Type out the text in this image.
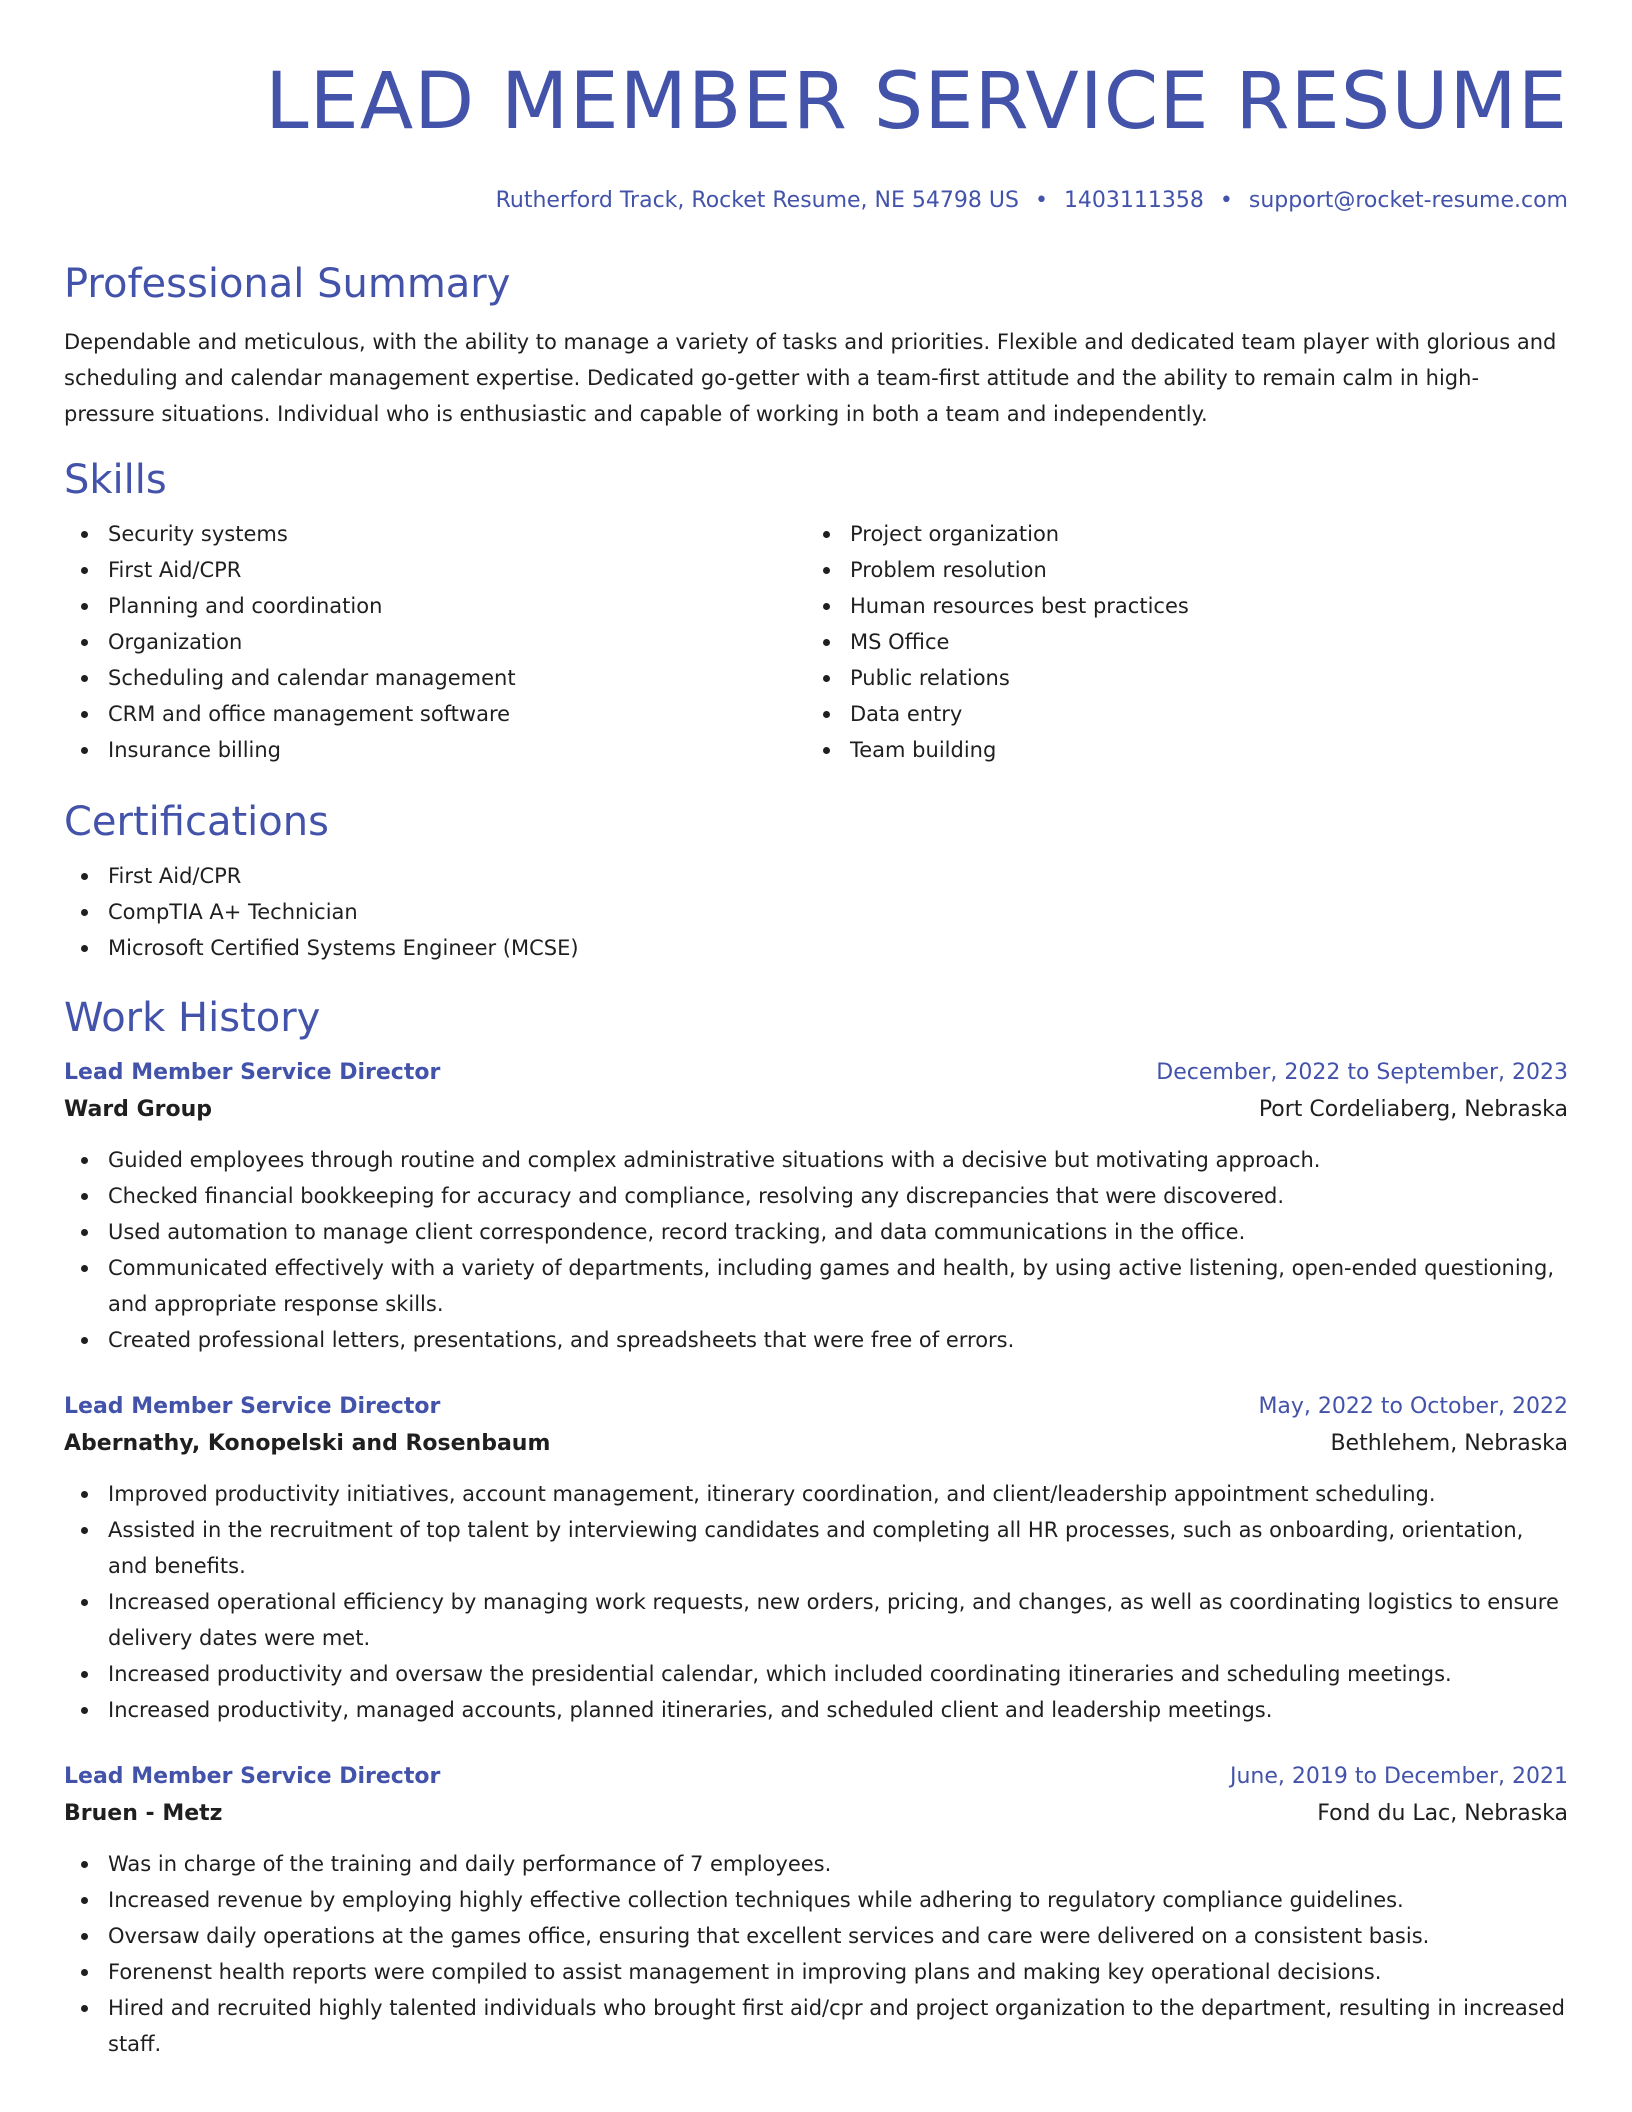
LEAD MEMBER SERVICE RESUME
Rutherford Track, Rocket Resume, NE 54798 US • 1403111358 • support@rocket-resume.com
Professional Summary

Dependable and meticulous, with the ability to manage a variety of tasks and priorities. Flexible and dedicated team player with glorious and scheduling and calendar management expertise. Dedicated go-getter with a team-first attitude and the ability to remain calm in high-pressure situations. Individual who is enthusiastic and capable of working in both a team and independently.

Skills
Security systems
First Aid/CPR
Planning and coordination
Organization
Scheduling and calendar management
CRM and office management software
Insurance billing
Project organization
Problem resolution
Human resources best practices
MS Office
Public relations
Data entry
Team building
Certifications
First Aid/CPR
CompTIA A+ Technician
Microsoft Certified Systems Engineer (MCSE)
Work History
Lead Member Service Director	December, 2022 to September, 2023
Ward Group	Port Cordeliaberg, Nebraska
Guided employees through routine and complex administrative situations with a decisive but motivating approach.
Checked financial bookkeeping for accuracy and compliance, resolving any discrepancies that were discovered.
Used automation to manage client correspondence, record tracking, and data communications in the office.
Communicated effectively with a variety of departments, including games and health, by using active listening, open-ended questioning, and appropriate response skills.
Created professional letters, presentations, and spreadsheets that were free of errors.
Lead Member Service Director	May, 2022 to October, 2022
Abernathy, Konopelski and Rosenbaum	Bethlehem, Nebraska
Improved productivity initiatives, account management, itinerary coordination, and client/leadership appointment scheduling.
Assisted in the recruitment of top talent by interviewing candidates and completing all HR processes, such as onboarding, orientation, and benefits.
Increased operational efficiency by managing work requests, new orders, pricing, and changes, as well as coordinating logistics to ensure delivery dates were met.
Increased productivity and oversaw the presidential calendar, which included coordinating itineraries and scheduling meetings.
Increased productivity, managed accounts, planned itineraries, and scheduled client and leadership meetings.
Lead Member Service Director	June, 2019 to December, 2021
Bruen - Metz	Fond du Lac, Nebraska
Was in charge of the training and daily performance of 7 employees.
Increased revenue by employing highly effective collection techniques while adhering to regulatory compliance guidelines.
Oversaw daily operations at the games office, ensuring that excellent services and care were delivered on a consistent basis.
Forenenst health reports were compiled to assist management in improving plans and making key operational decisions.
Hired and recruited highly talented individuals who brought first aid/cpr and project organization to the department, resulting in increased staff.
